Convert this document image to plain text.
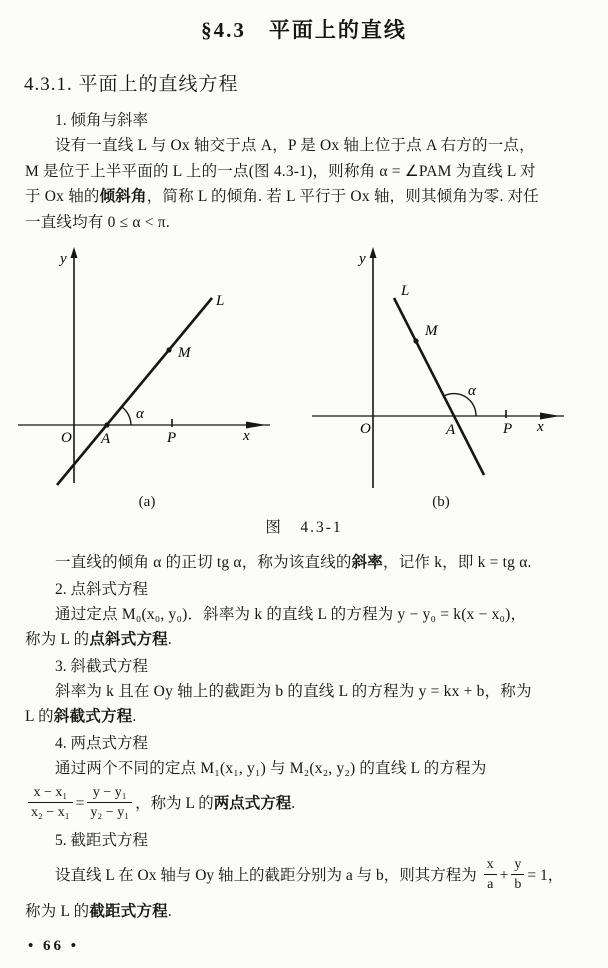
§4.3　平面上的直线
4.3.1. 平面上的直线方程
1. 倾角与斜率
设有一直线 L 与 Ox 轴交于点 A，P 是 Ox 轴上位于点 A 右方的一点，
M 是位于上半平面的 L 上的一点(图 4.3-1)，则称角 α = ∠PAM 为直线 L 对
于 Ox 轴的倾斜角，简称 L 的倾角. 若 L 平行于 Ox 轴，则其倾角为零. 对任
一直线均有 0 ≤ α < π.
y
x
O A	P
M
L
α
(a)
y
x
O	A	P
M
L
α
(b)
图　4.3-1
一直线的倾角 α 的正切 tg α，称为该直线的斜率，记作 k，即 k = tg α.
2. 点斜式方程
通过定点 M₀(x₀, y₀)．斜率为 k 的直线 L 的方程为 y − y₀ = k(x − x₀)，
称为 L 的点斜式方程.
3. 斜截式方程
斜率为 k 且在 Oy 轴上的截距为 b 的直线 L 的方程为 y = kx + b，称为
L 的斜截式方程.
4. 两点式方程
通过两个不同的定点 M₁(x₁, y₁) 与 M₂(x₂, y₂) 的直线 L 的方程为
$\frac{\text{x − x₁}}{\text{x₂ − x₁}} = \frac{\text{y − y₁}}{\text{y₂ − y₁}}$ ，称为 L 的两点式方程.
5. 截距式方程
设直线 L 在 Ox 轴与 Oy 轴上的截距分别为 a 与 b，则其方程为 $\frac{x}{a} + \frac{y}{b} = 1$，
称为 L 的截距式方程.
• 66 •
